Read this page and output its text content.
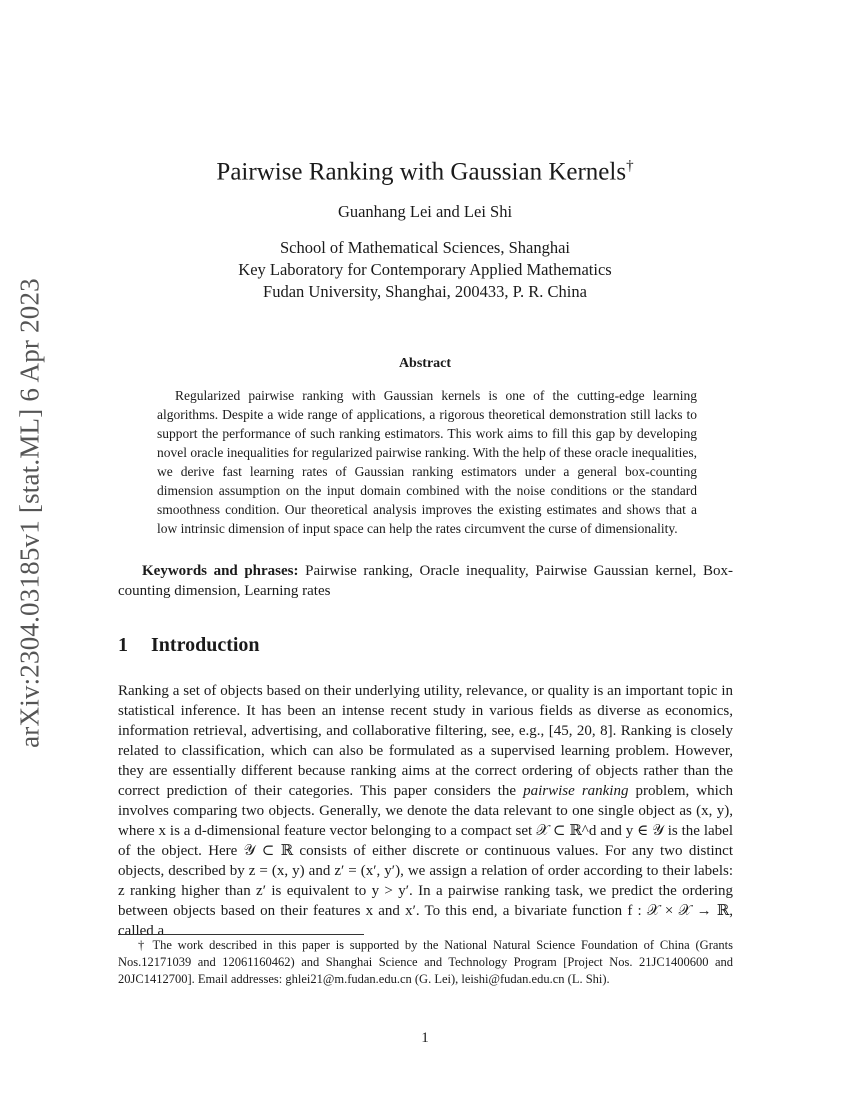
arXiv:2304.03185v1 [stat.ML] 6 Apr 2023
Pairwise Ranking with Gaussian Kernels†
Guanhang Lei and Lei Shi
School of Mathematical Sciences, Shanghai
Key Laboratory for Contemporary Applied Mathematics
Fudan University, Shanghai, 200433, P. R. China
Abstract

Regularized pairwise ranking with Gaussian kernels is one of the cutting-edge learning algorithms. Despite a wide range of applications, a rigorous theoretical demonstration still lacks to support the performance of such ranking estimators. This work aims to fill this gap by developing novel oracle inequalities for regularized pairwise ranking. With the help of these oracle inequalities, we derive fast learning rates of Gaussian ranking estimators under a general box-counting dimension assumption on the input domain combined with the noise conditions or the standard smoothness condition. Our theoretical analysis improves the existing estimates and shows that a low intrinsic dimension of input space can help the rates circumvent the curse of dimensionality.

Keywords and phrases: Pairwise ranking, Oracle inequality, Pairwise Gaussian kernel, Box-counting dimension, Learning rates

1 Introduction

Ranking a set of objects based on their underlying utility, relevance, or quality is an important topic in statistical inference. It has been an intense recent study in various fields as diverse as economics, information retrieval, advertising, and collaborative filtering, see, e.g., [45, 20, 8]. Ranking is closely related to classification, which can also be formulated as a supervised learning problem. However, they are essentially different because ranking aims at the correct ordering of objects rather than the correct prediction of their categories. This paper considers the pairwise ranking problem, which involves comparing two objects. Generally, we denote the data relevant to one single object as (x, y), where x is a d-dimensional feature vector belonging to a compact set 𝒳 ⊂ ℝ^d and y ∈ 𝒴 is the label of the object. Here 𝒴 ⊂ ℝ consists of either discrete or continuous values. For any two distinct objects, described by z = (x, y) and z′ = (x′, y′), we assign a relation of order according to their labels: z ranking higher than z′ is equivalent to y > y′. In a pairwise ranking task, we predict the ordering between objects based on their features x and x′. To this end, a bivariate function f : 𝒳 × 𝒳 → ℝ, called a

† The work described in this paper is supported by the National Natural Science Foundation of China (Grants Nos.12171039 and 12061160462) and Shanghai Science and Technology Program [Project Nos. 21JC1400600 and 20JC1412700]. Email addresses: ghlei21@m.fudan.edu.cn (G. Lei), leishi@fudan.edu.cn (L. Shi).

1
